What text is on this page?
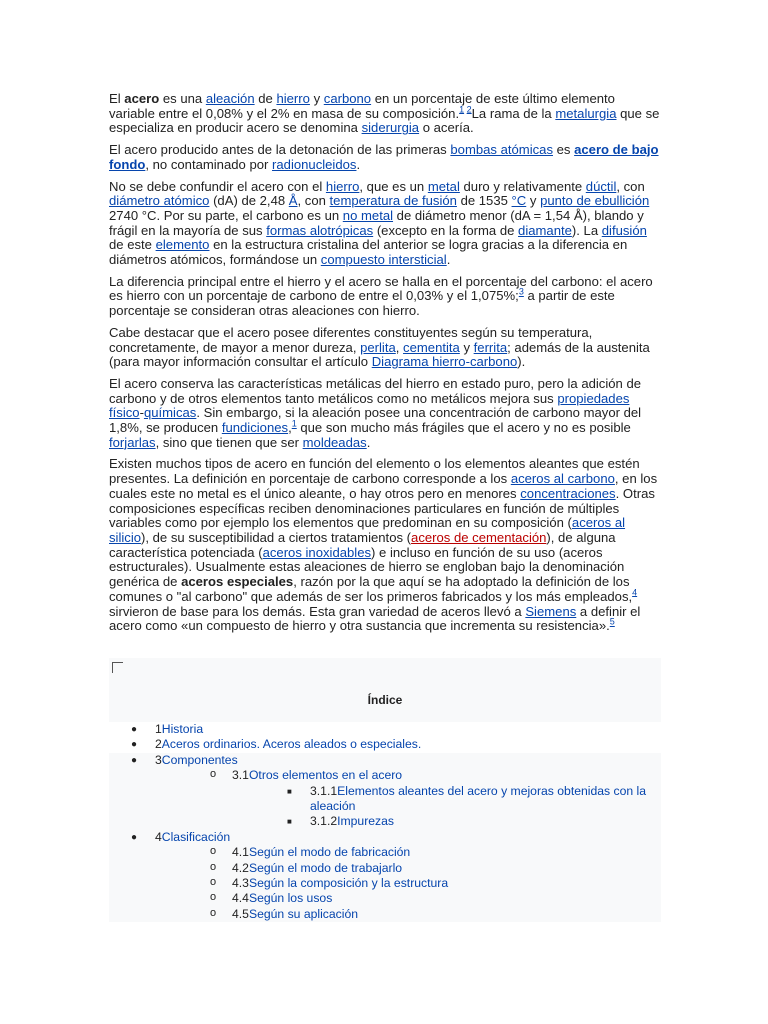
El acero es una aleación de hierro y carbono en un porcentaje de este último elemento variable entre el 0,08% y el 2% en masa de su composición.$^{1 2}$La rama de la metalurgia que se especializa en producir acero se denomina siderurgia o acería.

El acero producido antes de la detonación de las primeras bombas atómicas es acero de bajo fondo, no contaminado por radionucleidos.

No se debe confundir el acero con el hierro, que es un metal duro y relativamente dúctil, con diámetro atómico (dA) de 2,48 Å, con temperatura de fusión de 1535 °C y punto de ebullición 2740 °C. Por su parte, el carbono es un no metal de diámetro menor (dA = 1,54 Å), blando y frágil en la mayoría de sus formas alotrópicas (excepto en la forma de diamante). La difusión de este elemento en la estructura cristalina del anterior se logra gracias a la diferencia en diámetros atómicos, formándose un compuesto intersticial.

La diferencia principal entre el hierro y el acero se halla en el porcentaje del carbono: el acero es hierro con un porcentaje de carbono de entre el 0,03% y el 1,075%;$^3$ a partir de este porcentaje se consideran otras aleaciones con hierro.

Cabe destacar que el acero posee diferentes constituyentes según su temperatura, concretamente, de mayor a menor dureza, perlita, cementita y ferrita; además de la austenita (para mayor información consultar el artículo Diagrama hierro-carbono).

El acero conserva las características metálicas del hierro en estado puro, pero la adición de carbono y de otros elementos tanto metálicos como no metálicos mejora sus propiedades físico-químicas. Sin embargo, si la aleación posee una concentración de carbono mayor del 1,8%, se producen fundiciones,$^1$ que son mucho más frágiles que el acero y no es posible forjarlas, sino que tienen que ser moldeadas.

Existen muchos tipos de acero en función del elemento o los elementos aleantes que estén presentes. La definición en porcentaje de carbono corresponde a los aceros al carbono, en los cuales este no metal es el único aleante, o hay otros pero en menores concentraciones. Otras composiciones específicas reciben denominaciones particulares en función de múltiples variables como por ejemplo los elementos que predominan en su composición (aceros al silicio), de su susceptibilidad a ciertos tratamientos (aceros de cementación), de alguna característica potenciada (aceros inoxidables) e incluso en función de su uso (aceros estructurales). Usualmente estas aleaciones de hierro se engloban bajo la denominación genérica de aceros especiales, razón por la que aquí se ha adoptado la definición de los comunes o "al carbono" que además de ser los primeros fabricados y los más empleados,$^4$ sirvieron de base para los demás. Esta gran variedad de aceros llevó a Siemens a definir el acero como «un compuesto de hierro y otra sustancia que incrementa su resistencia».$^5$

Índice
● 1Historia
● 2Aceros ordinarios. Aceros aleados o especiales.
● 3Componentes
o 3.1Otros elementos en el acero
■ 3.1.1Elementos aleantes del acero y mejoras obtenidas con la aleación
■ 3.1.2Impurezas
● 4Clasificación
o 4.1Según el modo de fabricación
o 4.2Según el modo de trabajarlo
o 4.3Según la composición y la estructura
o 4.4Según los usos
o 4.5Según su aplicación
